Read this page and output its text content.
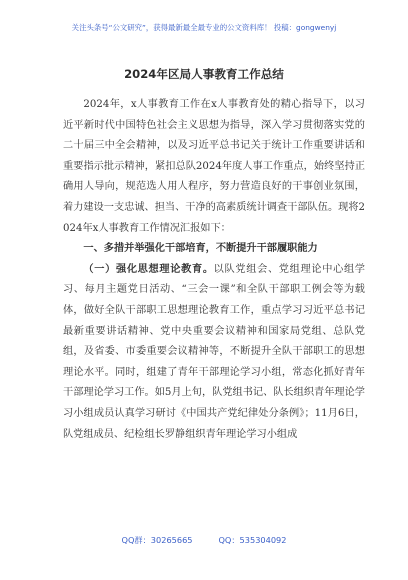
关注头条号“公文研究”，获得最新最全最专业的公文资料库！ 投稿：gongwenyj
2024年区局人事教育工作总结

2024年，x人事教育工作在x人事教育处的精心指导下，以习近平新时代中国特色社会主义思想为指导，深入学习贯彻落实党的二十届三中全会精神，以及习近平总书记关于统计工作重要讲话和重要指示批示精神，紧扣总队2024年度人事工作重点，始终坚持正确用人导向，规范选人用人程序，努力营造良好的干事创业氛围，着力建设一支忠诚、担当、干净的高素质统计调查干部队伍。现将2024年x人事教育工作情况汇报如下：

一、多措并举强化干部培育，不断提升干部履职能力

（一）强化思想理论教育。以队党组会、党组理论中心组学习、每月主题党日活动、“三会一课”和全队干部职工例会等为载体，做好全队干部职工思想理论教育工作，重点学习习近平总书记最新重要讲话精神、党中央重要会议精神和国家局党组、总队党组，及省委、市委重要会议精神等，不断提升全队干部职工的思想理论水平。同时，组建了青年干部理论学习小组，常态化抓好青年干部理论学习工作。如5月上旬，队党组书记、队长组织青年理论学习小组成员认真学习研讨《中国共产党纪律处分条例》；11月6日，队党组成员、纪检组长罗静组织青年理论学习小组成

QQ群：30265665	QQ：535304092
